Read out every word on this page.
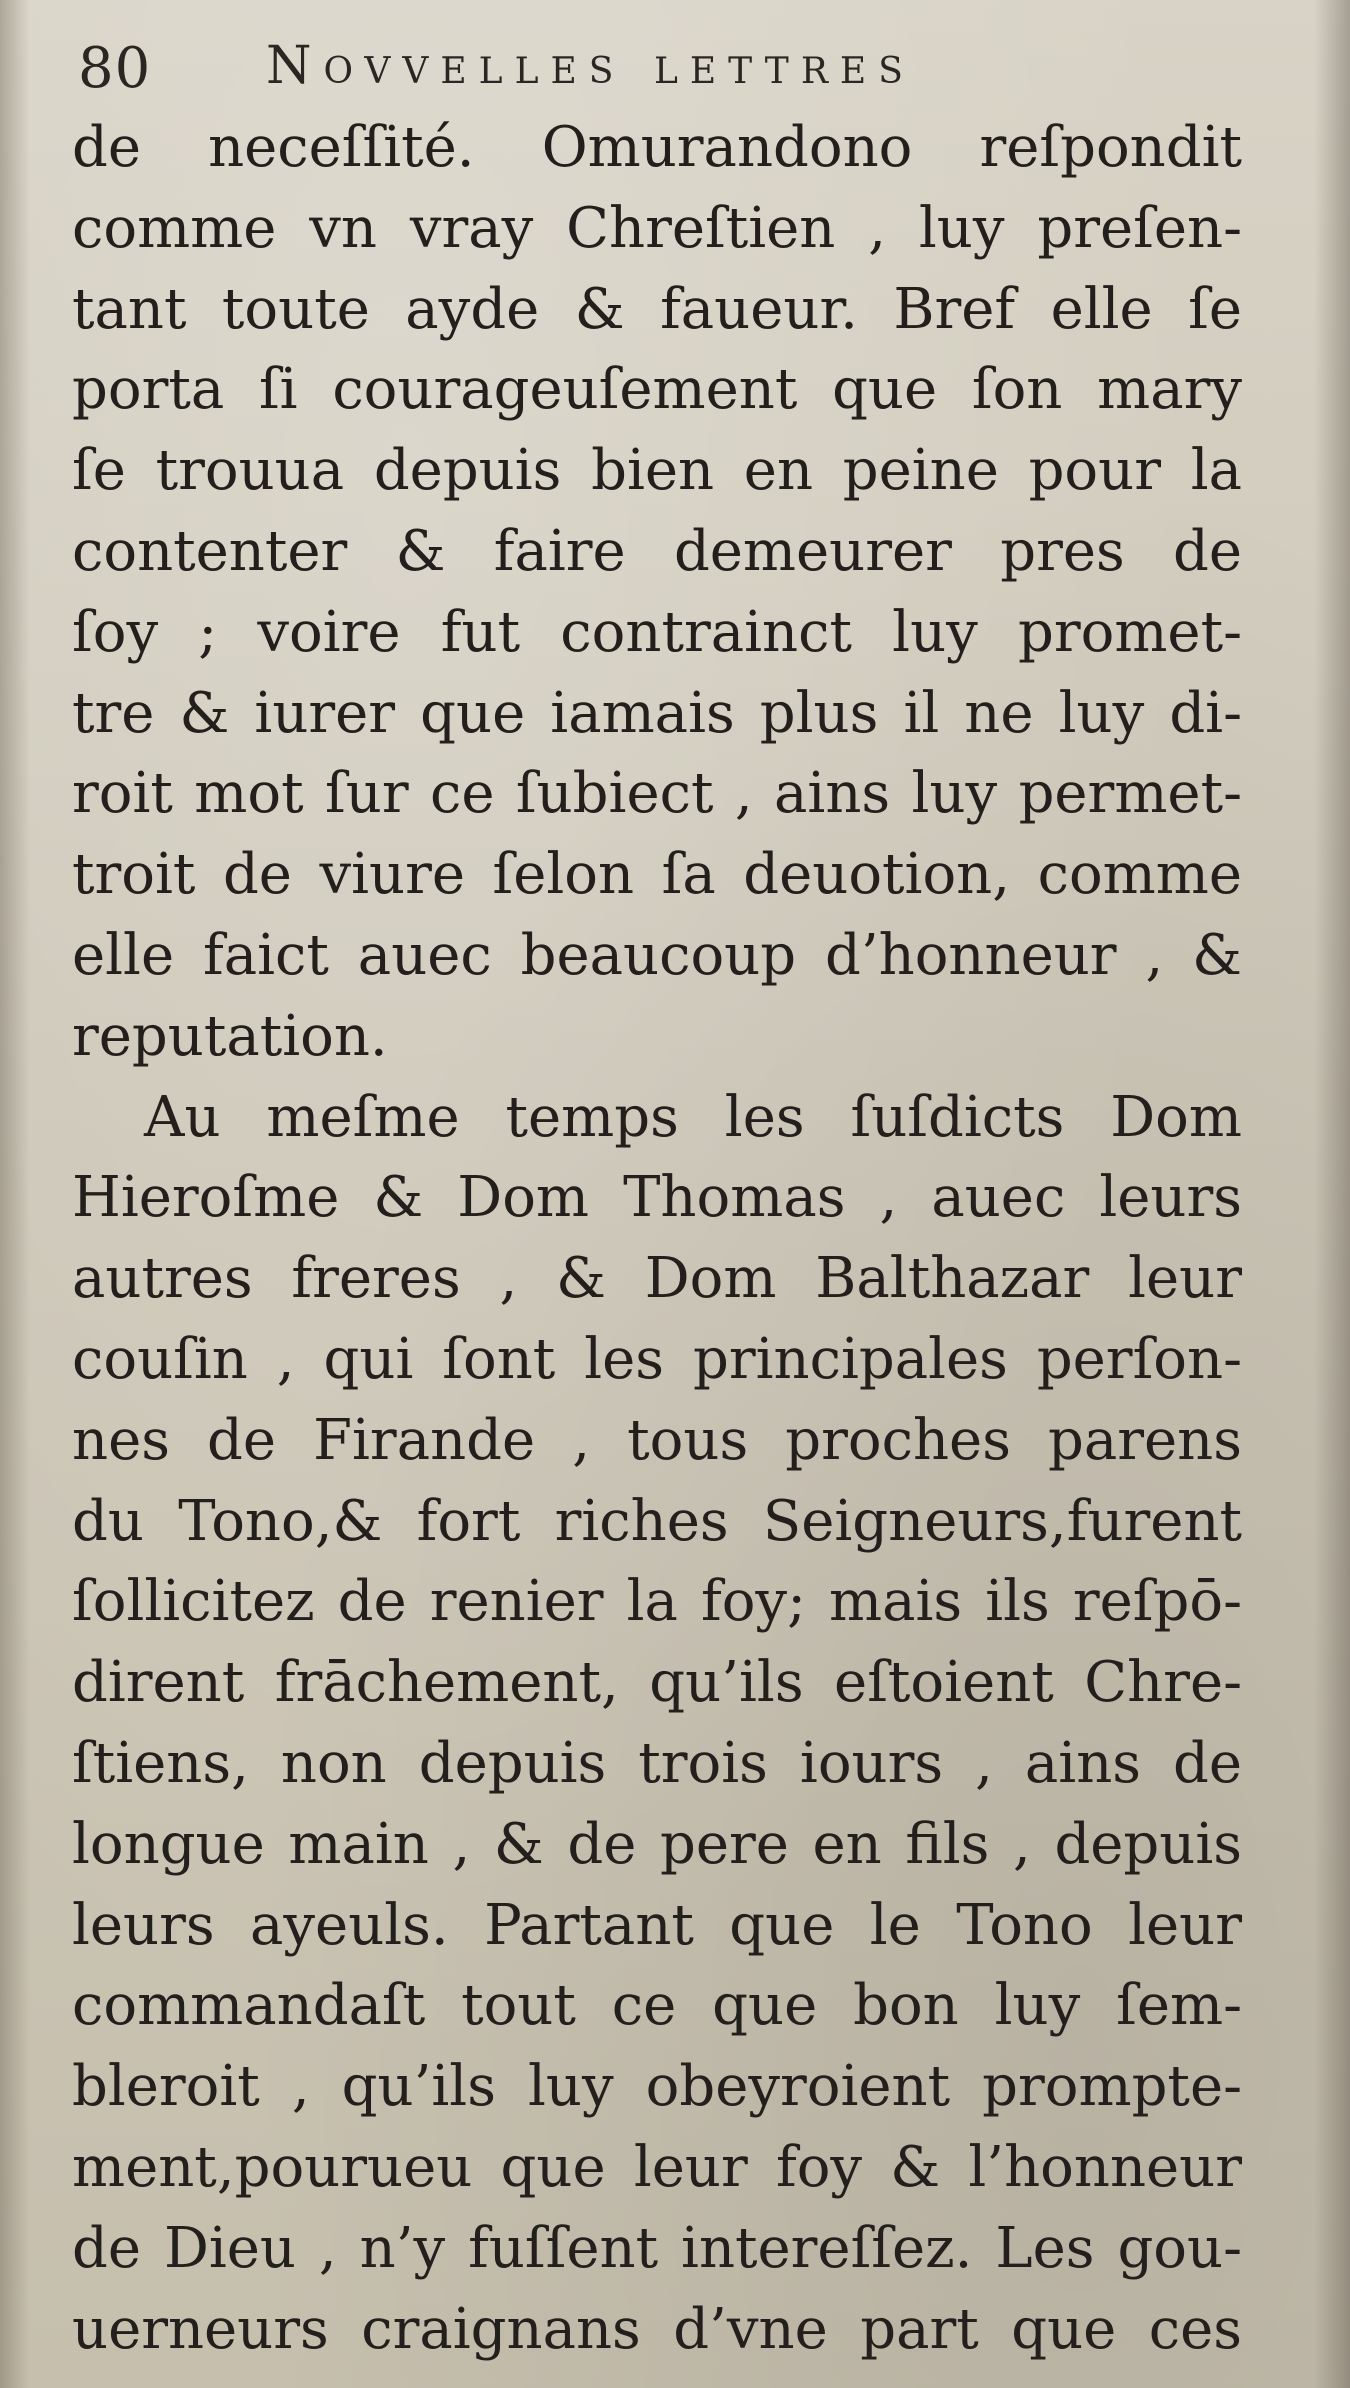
80 Novvelles lettres
de neceſſité. Omurandono reſpondit
comme vn vray Chreſtien , luy preſen-
tant toute ayde & faueur. Bref elle ſe
porta ſi courageuſement que ſon mary
ſe trouua depuis bien en peine pour la
contenter & faire demeurer pres de
ſoy ; voire fut contrainct luy promet-
tre & iurer que iamais plus il ne luy di-
roit mot ſur ce ſubiect , ains luy permet-
troit de viure ſelon ſa deuotion, comme
elle faict auec beaucoup d’honneur , &
reputation.
Au meſme temps les ſuſdicts Dom
Hieroſme & Dom Thomas , auec leurs
autres freres , & Dom Balthazar leur
couſin , qui ſont les principales perſon-
nes de Firande , tous proches parens
du Tono,& fort riches Seigneurs,furent
ſollicitez de renier la foy; mais ils reſpō-
dirent frāchement, qu’ils eſtoient Chre-
ſtiens, non depuis trois iours , ains de
longue main , & de pere en fils , depuis
leurs ayeuls. Partant que le Tono leur
commandaſt tout ce que bon luy ſem-
bleroit , qu’ils luy obeyroient prompte-
ment,pourueu que leur foy & l’honneur
de Dieu , n’y fuſſent intereſſez. Les gou-
uerneurs craignans d’vne part que ces
